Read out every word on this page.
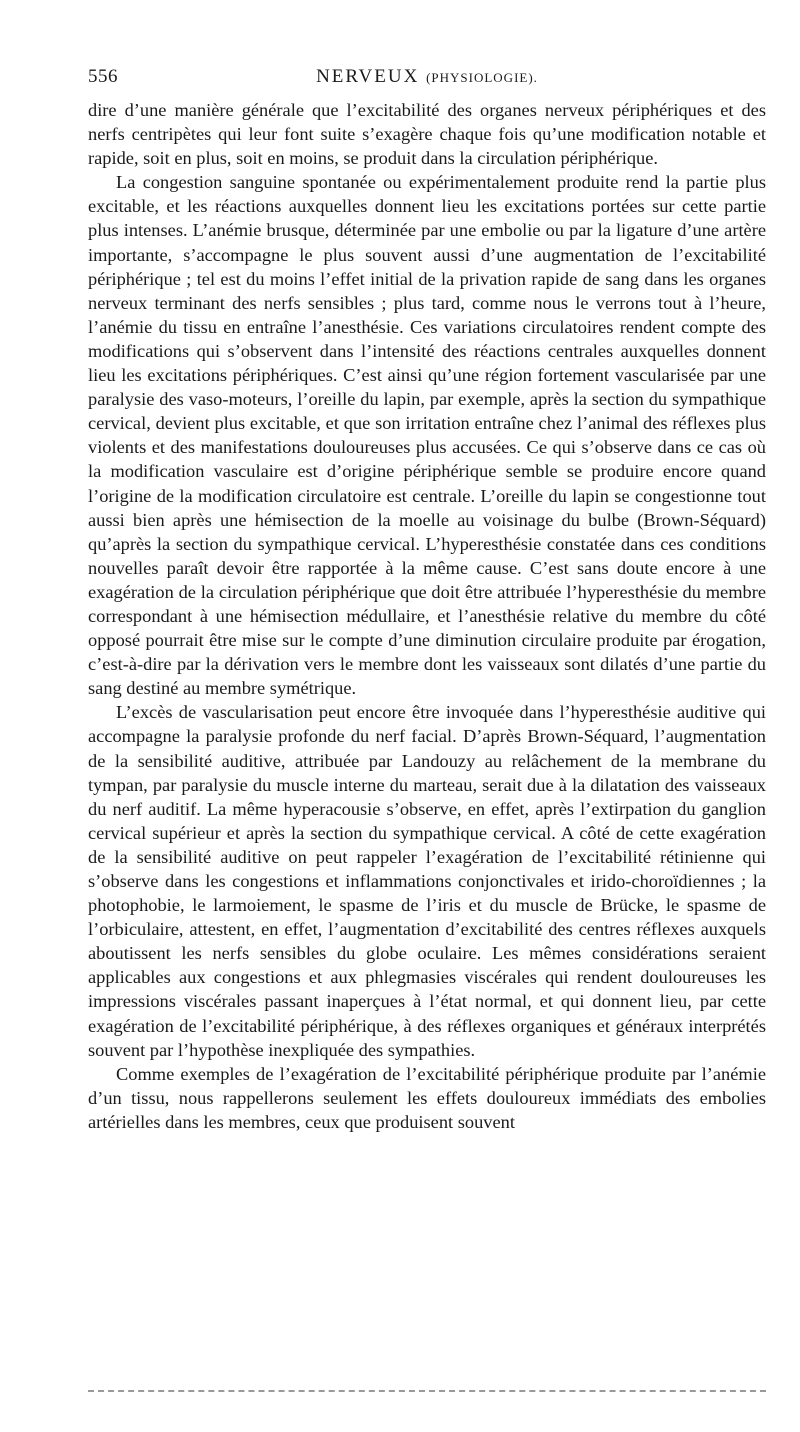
556	NERVEUX (PHYSIOLOGIE).

dire d’une manière générale que l’excitabilité des organes nerveux périphériques et des nerfs centripètes qui leur font suite s’exagère chaque fois qu’une modification notable et rapide, soit en plus, soit en moins, se produit dans la circulation périphérique.

La congestion sanguine spontanée ou expérimentalement produite rend la partie plus excitable, et les réactions auxquelles donnent lieu les excitations portées sur cette partie plus intenses. L’anémie brusque, déterminée par une embolie ou par la ligature d’une artère importante, s’accompagne le plus souvent aussi d’une augmentation de l’excitabilité périphérique ; tel est du moins l’effet initial de la privation rapide de sang dans les organes nerveux terminant des nerfs sensibles ; plus tard, comme nous le verrons tout à l’heure, l’anémie du tissu en entraîne l’anesthésie. Ces variations circulatoires rendent compte des modifications qui s’observent dans l’intensité des réactions centrales auxquelles donnent lieu les excitations périphériques. C’est ainsi qu’une région fortement vascularisée par une paralysie des vaso-moteurs, l’oreille du lapin, par exemple, après la section du sympathique cervical, devient plus excitable, et que son irritation entraîne chez l’animal des réflexes plus violents et des manifestations douloureuses plus accusées. Ce qui s’observe dans ce cas où la modification vasculaire est d’origine périphérique semble se produire encore quand l’origine de la modification circulatoire est centrale. L’oreille du lapin se congestionne tout aussi bien après une hémisection de la moelle au voisinage du bulbe (Brown-Séquard) qu’après la section du sympathique cervical. L’hyperesthésie constatée dans ces conditions nouvelles paraît devoir être rapportée à la même cause. C’est sans doute encore à une exagération de la circulation périphérique que doit être attribuée l’hyperesthésie du membre correspondant à une hémisection médullaire, et l’anesthésie relative du membre du côté opposé pourrait être mise sur le compte d’une diminution circulaire produite par érogation, c’est-à-dire par la dérivation vers le membre dont les vaisseaux sont dilatés d’une partie du sang destiné au membre symétrique.

L’excès de vascularisation peut encore être invoquée dans l’hyperesthésie auditive qui accompagne la paralysie profonde du nerf facial. D’après Brown-Séquard, l’augmentation de la sensibilité auditive, attribuée par Landouzy au relâchement de la membrane du tympan, par paralysie du muscle interne du marteau, serait due à la dilatation des vaisseaux du nerf auditif. La même hyperacousie s’observe, en effet, après l’extirpation du ganglion cervical supérieur et après la section du sympathique cervical. A côté de cette exagération de la sensibilité auditive on peut rappeler l’exagération de l’excitabilité rétinienne qui s’observe dans les congestions et inflammations conjonctivales et irido-choroïdiennes ; la photophobie, le larmoiement, le spasme de l’iris et du muscle de Brücke, le spasme de l’orbiculaire, attestent, en effet, l’augmentation d’excitabilité des centres réflexes auxquels aboutissent les nerfs sensibles du globe oculaire. Les mêmes considérations seraient applicables aux congestions et aux phlegmasies viscérales qui rendent douloureuses les impressions viscérales passant inaperçues à l’état normal, et qui donnent lieu, par cette exagération de l’excitabilité périphérique, à des réflexes organiques et généraux interprétés souvent par l’hypothèse inexpliquée des sympathies.

Comme exemples de l’exagération de l’excitabilité périphérique produite par l’anémie d’un tissu, nous rappellerons seulement les effets douloureux immédiats des embolies artérielles dans les membres, ceux que produisent souvent
